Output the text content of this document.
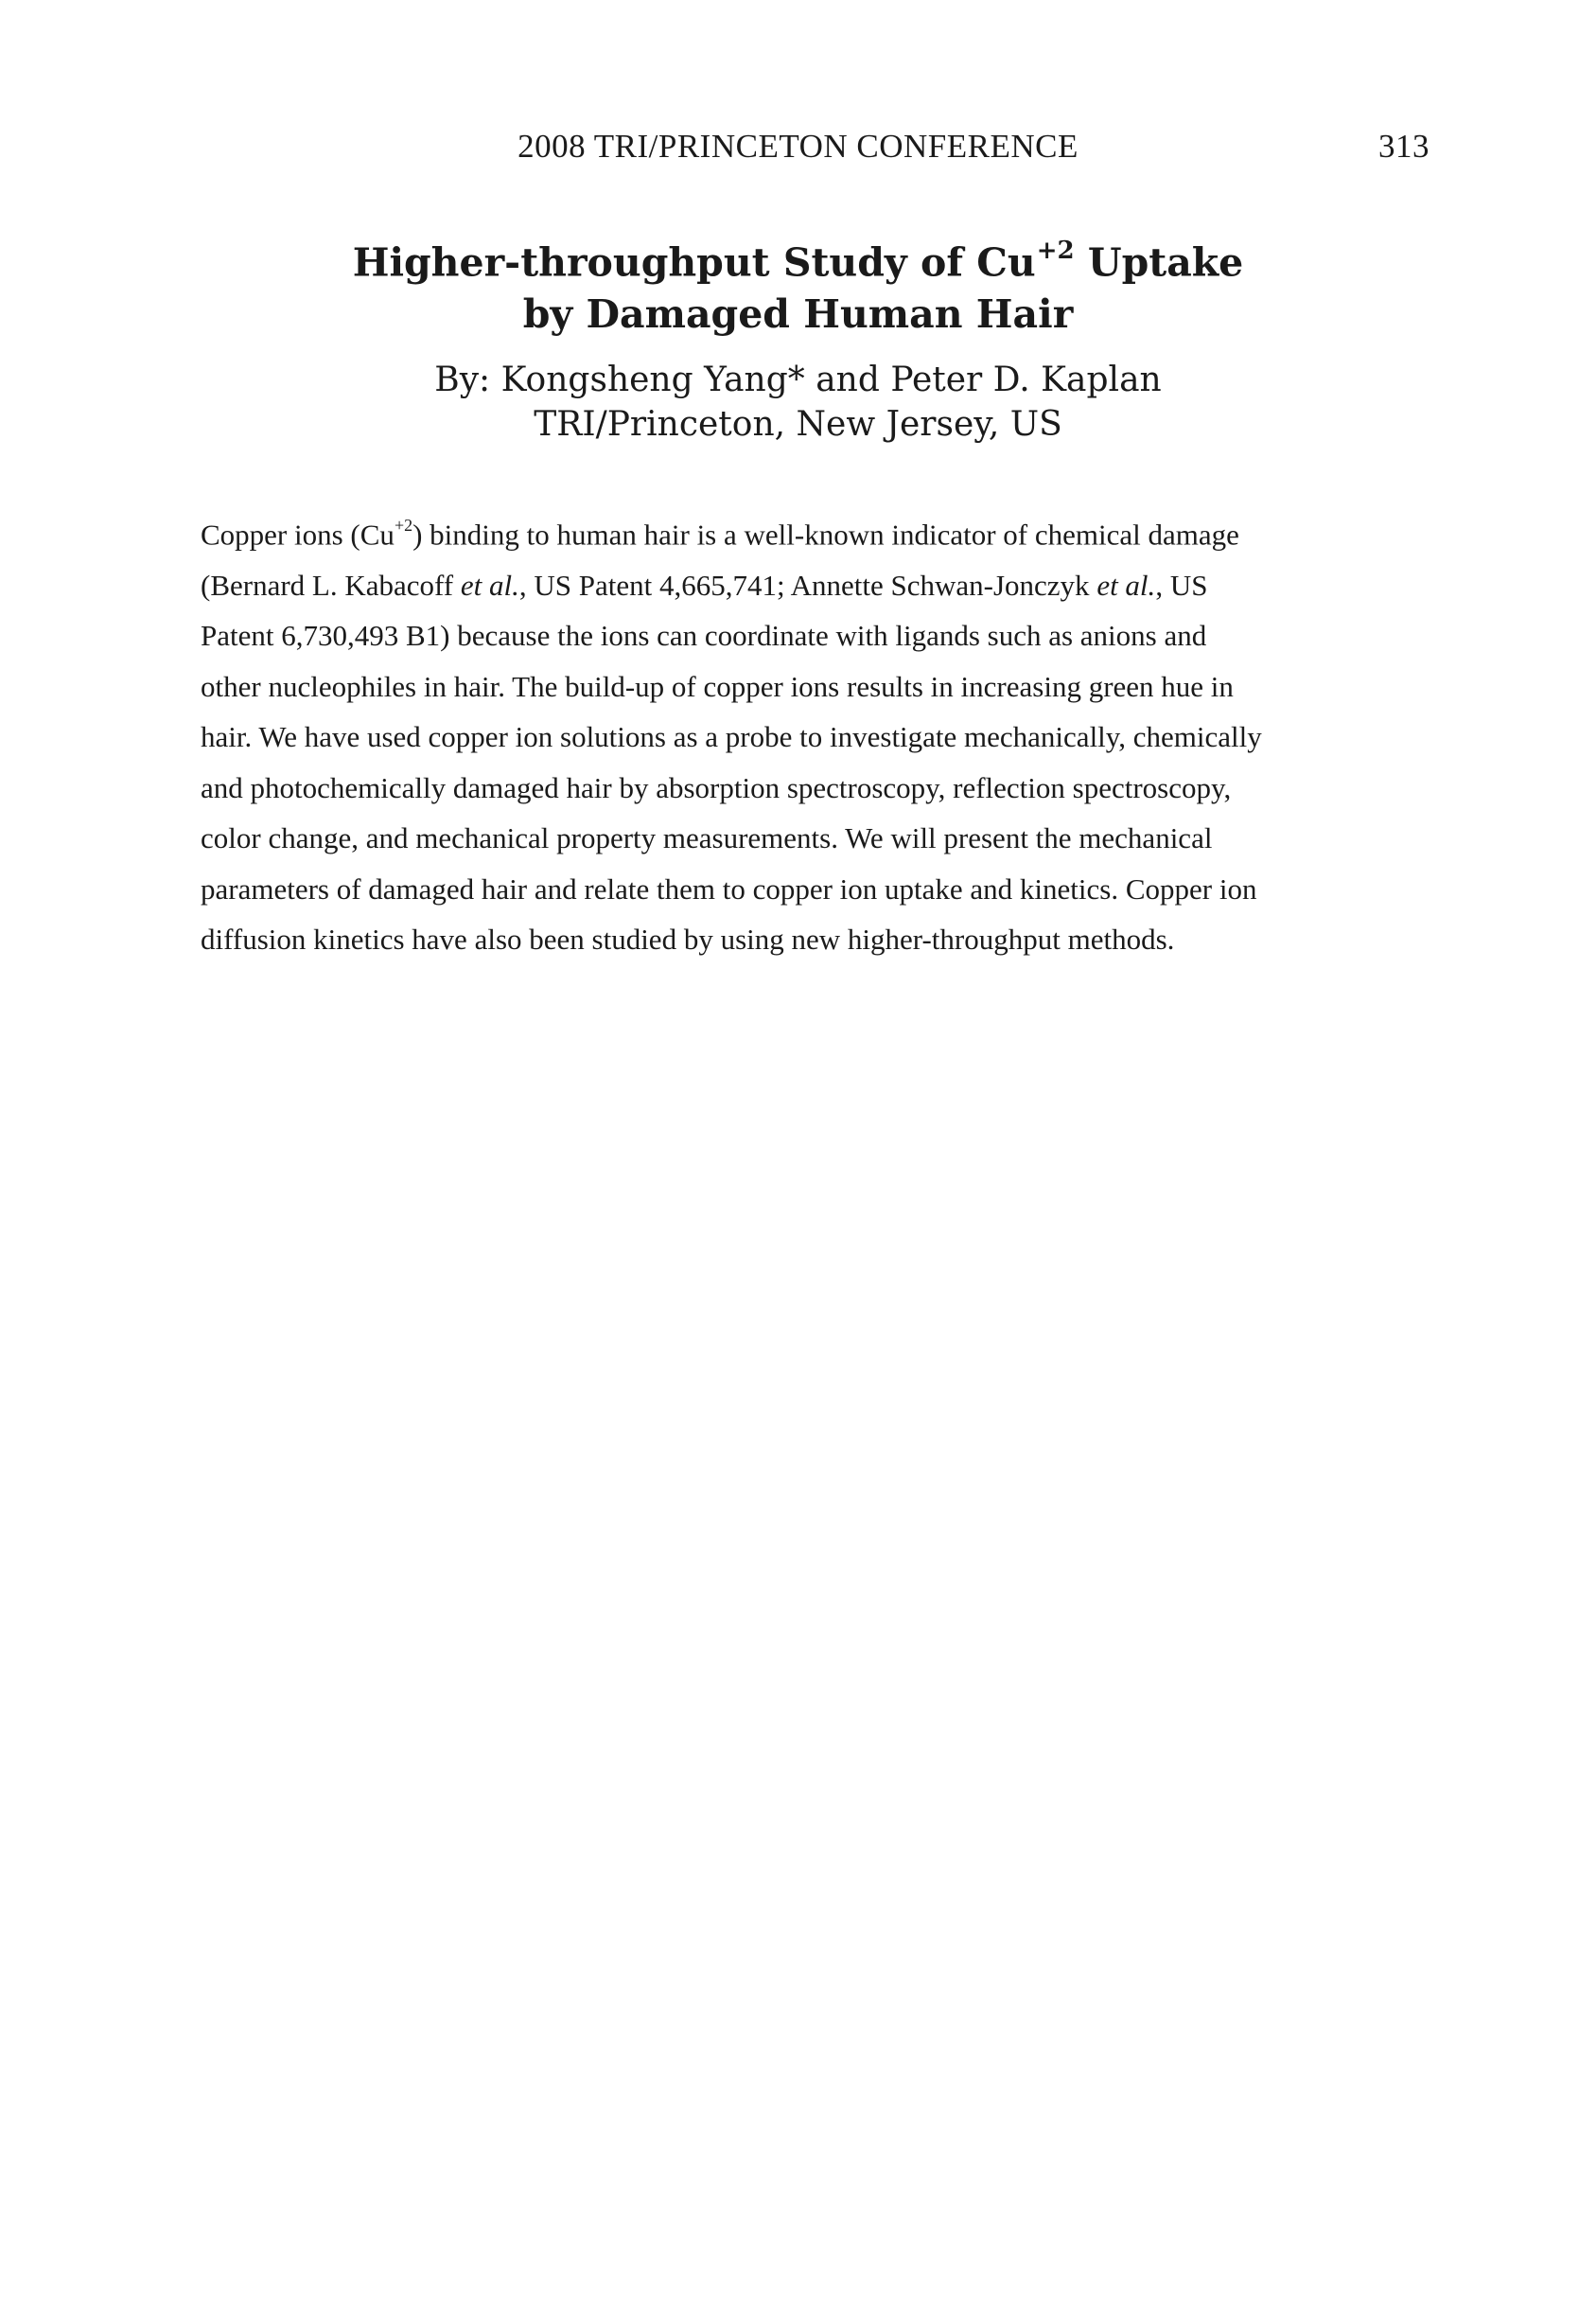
2008 TRI/PRINCETON CONFERENCE	313
Higher-throughput Study of $Cu^{+2}$ Uptake
by Damaged Human Hair
By: Kongsheng Yang* and Peter D. Kaplan
TRI/Princeton, New Jersey, US
Copper ions $(Cu^{+2})$ binding to human hair is a well-known indicator of chemical damage
(Bernard L. Kabacoff et al., US Patent 4,665,741; Annette Schwan-Jonczyk et al., US
Patent 6,730,493 B1) because the ions can coordinate with ligands such as anions and
other nucleophiles in hair. The build-up of copper ions results in increasing green hue in
hair. We have used copper ion solutions as a probe to investigate mechanically, chemically
and photochemically damaged hair by absorption spectroscopy, reflection spectroscopy,
color change, and mechanical property measurements. We will present the mechanical
parameters of damaged hair and relate them to copper ion uptake and kinetics. Copper ion
diffusion kinetics have also been studied by using new higher-throughput methods.
